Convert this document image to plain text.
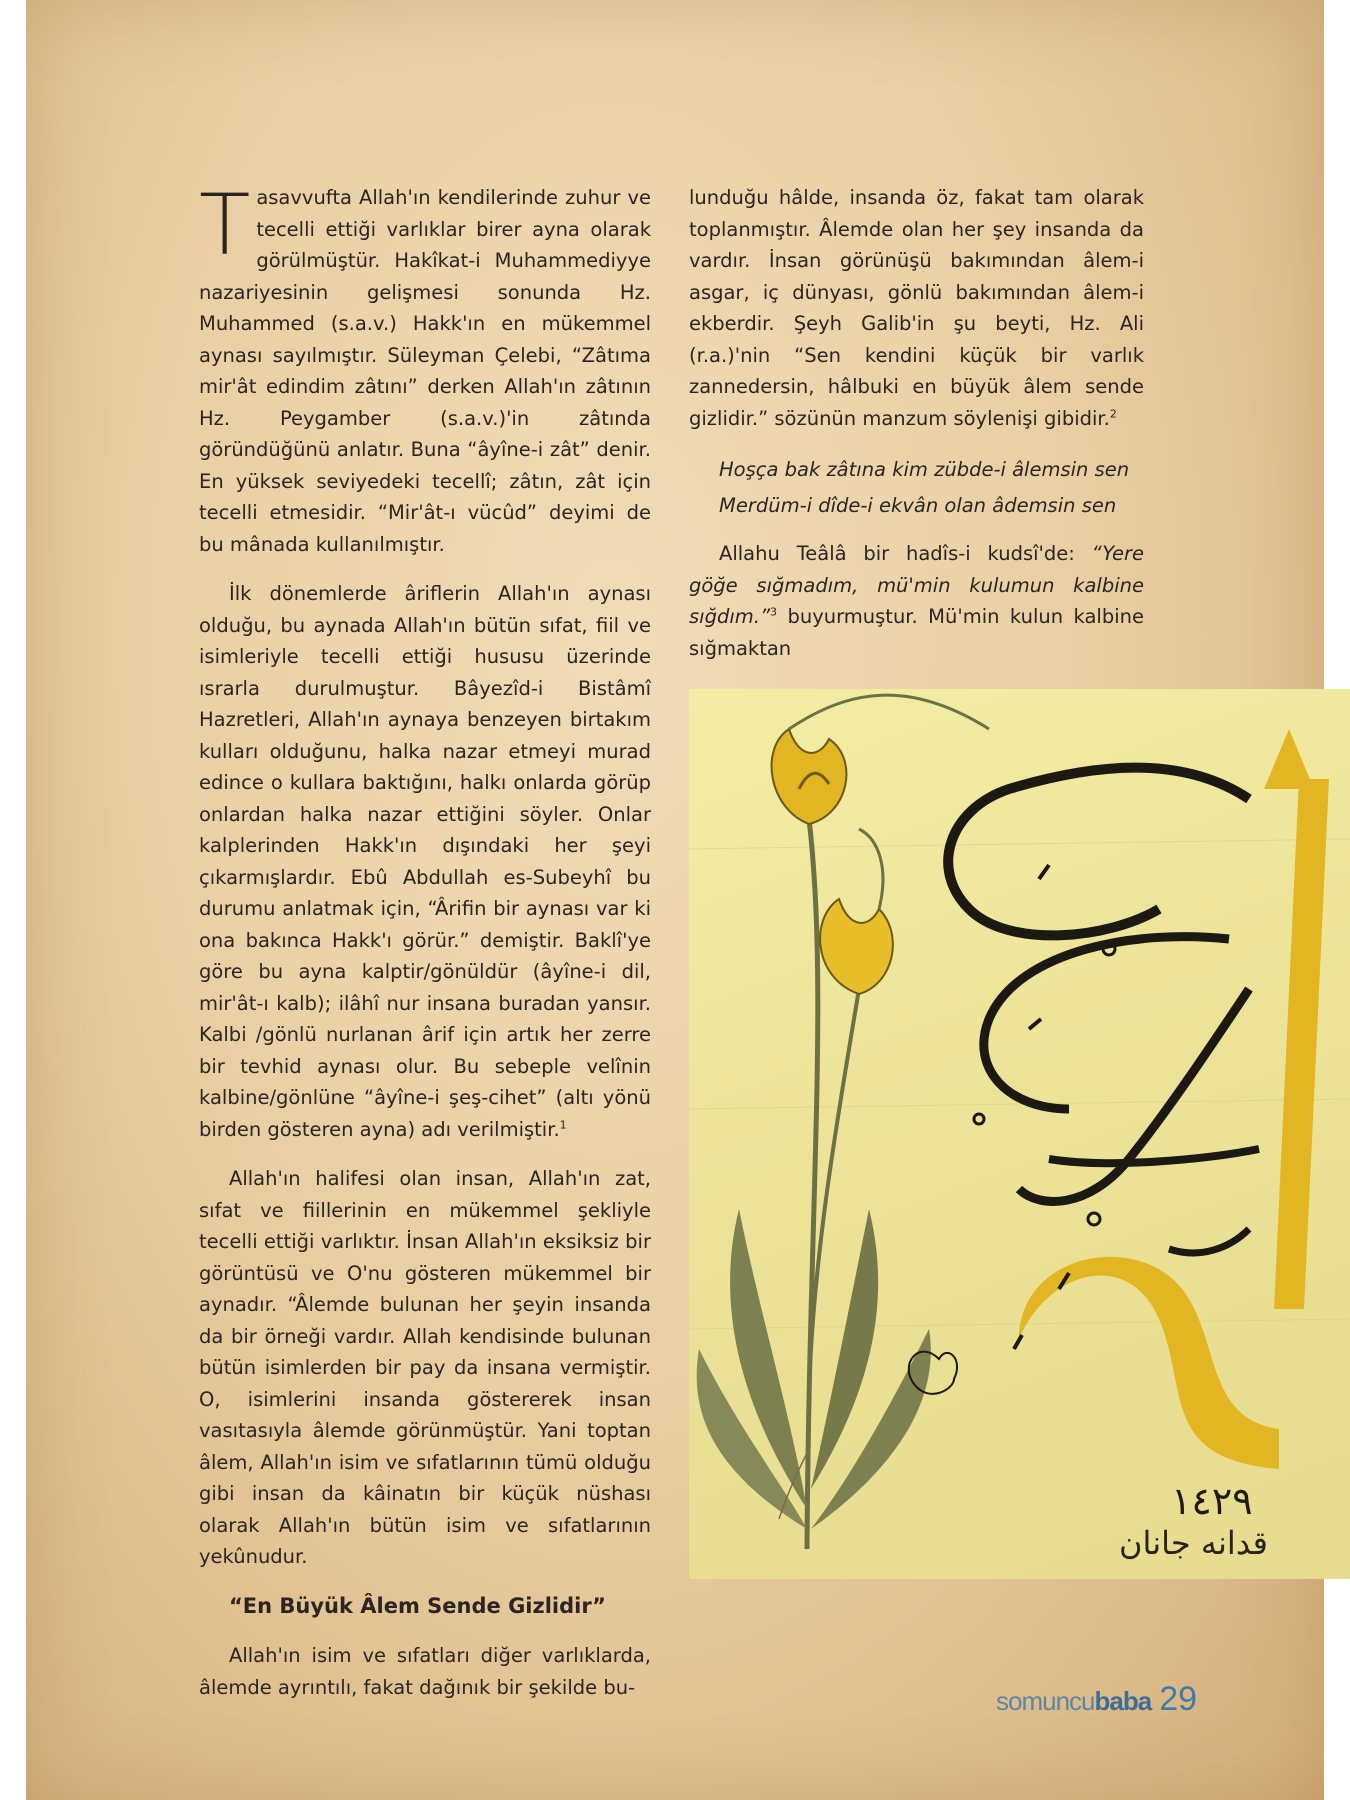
Tasavvufta Allah'ın kendilerinde zuhur ve tecelli ettiği varlıklar birer ayna olarak görülmüştür. Hakîkat-i Muhammediyye nazariyesinin gelişmesi sonunda Hz. Muhammed (s.a.v.) Hakk'ın en mükemmel aynası sayılmıştır. Süleyman Çelebi, “Zâtıma mir'ât edindim zâtını” derken Allah'ın zâtının Hz. Peygamber (s.a.v.)'in zâtında göründüğünü anlatır. Buna “âyîne-i zât” denir. En yüksek seviyedeki tecellî; zâtın, zât için tecelli etmesidir. “Mir'ât-ı vücûd” deyimi de bu mânada kullanılmıştır.

İlk dönemlerde âriflerin Allah'ın aynası olduğu, bu aynada Allah'ın bütün sıfat, fiil ve isimleriyle tecelli ettiği hususu üzerinde ısrarla durulmuştur. Bâyezîd-i Bistâmî Hazretleri, Allah'ın aynaya benzeyen birtakım kulları olduğunu, halka nazar etmeyi murad edince o kullara baktığını, halkı onlarda görüp onlardan halka nazar ettiğini söyler. Onlar kalplerinden Hakk'ın dışındaki her şeyi çıkarmışlardır. Ebû Abdullah es-Subeyhî bu durumu anlatmak için, “Ârifin bir aynası var ki ona bakınca Hakk'ı görür.” demiştir. Baklî'ye göre bu ayna kalptir/gönüldür (âyîne-i dil, mir'ât-ı kalb); ilâhî nur insana buradan yansır. Kalbi /gönlü nurlanan ârif için artık her zerre bir tevhid aynası olur. Bu sebeple velînin kalbine/gönlüne “âyîne-i şeş-cihet” (altı yönü birden gösteren ayna) adı verilmiştir.$^1$

Allah'ın halifesi olan insan, Allah'ın zat, sıfat ve fiillerinin en mükemmel şekliyle tecelli ettiği varlıktır. İnsan Allah'ın eksiksiz bir görüntüsü ve O'nu gösteren mükemmel bir aynadır. “Âlemde bulunan her şeyin insanda da bir örneği vardır. Allah kendisinde bulunan bütün isimlerden bir pay da insana vermiştir. O, isimlerini insanda göstererek insan vasıtasıyla âlemde görünmüştür. Yani toptan âlem, Allah'ın isim ve sıfatlarının tümü olduğu gibi insan da kâinatın bir küçük nüshası olarak Allah'ın bütün isim ve sıfatlarının yekûnudur.

“En Büyük Âlem Sende Gizlidir”

Allah'ın isim ve sıfatları diğer varlıklarda, âlemde ayrıntılı, fakat dağınık bir şekilde bu-

lunduğu hâlde, insanda öz, fakat tam olarak toplanmıştır. Âlemde olan her şey insanda da vardır. İnsan görünüşü bakımından âlem-i asgar, iç dünyası, gönlü bakımından âlem-i ekberdir. Şeyh Galib'in şu beyti, Hz. Ali (r.a.)'nin “Sen kendini küçük bir varlık zannedersin, hâlbuki en büyük âlem sende gizlidir.” sözünün manzum söylenişi gibidir.$^2$

Hoşça bak zâtına kim zübde-i âlemsin sen
Merdüm-i dîde-i ekvân olan âdemsin sen

Allahu Teâlâ bir hadîs-i kudsî'de: “Yere göğe sığmadım, mü'min kulumun kalbine sığdım.”$^3$ buyurmuştur. Mü'min kulun kalbine sığmaktan

١٤٢٩
قدانه جانان
somuncubaba 29
